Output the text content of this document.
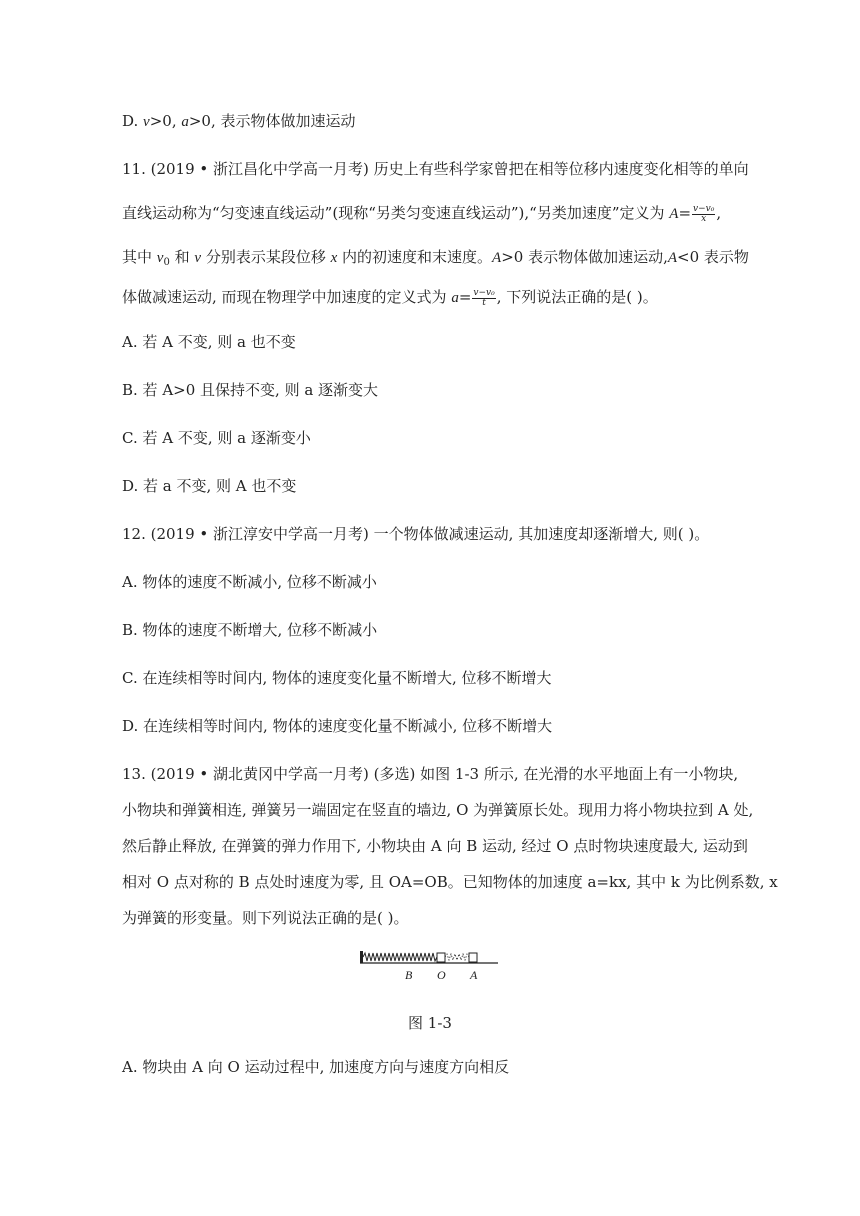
D. v>0, a>0, 表示物体做加速运动
11. (2019 • 浙江昌化中学高一月考) 历史上有些科学家曾把在相等位移内速度变化相等的单向
直线运动称为“匀变速直线运动”(现称“另类匀变速直线运动”),“另类加速度”定义为 $A= \frac{\text{v−v₀}}{x}$ ,
其中 $v_0$ 和 v 分别表示某段位移 x 内的初速度和末速度。A>0 表示物体做加速运动,A<0 表示物
体做减速运动, 而现在物理学中加速度的定义式为 $a= \frac{\text{v−v₀}}{t}$ , 下列说法正确的是( )。
A. 若 A 不变, 则 a 也不变
B. 若 A>0 且保持不变, 则 a 逐渐变大
C. 若 A 不变, 则 a 逐渐变小
D. 若 a 不变, 则 A 也不变
12. (2019 • 浙江淳安中学高一月考) 一个物体做减速运动, 其加速度却逐渐增大, 则( )。
A. 物体的速度不断减小, 位移不断减小
B. 物体的速度不断增大, 位移不断减小
C. 在连续相等时间内, 物体的速度变化量不断增大, 位移不断增大
D. 在连续相等时间内, 物体的速度变化量不断减小, 位移不断增大
13. (2019 • 湖北黄冈中学高一月考) (多选) 如图 1-3 所示, 在光滑的水平地面上有一小物块,
小物块和弹簧相连, 弹簧另一端固定在竖直的墙边, O 为弹簧原长处。现用力将小物块拉到 A 处,
然后静止释放, 在弹簧的弹力作用下, 小物块由 A 向 B 运动, 经过 O 点时物块速度最大, 运动到
相对 O 点对称的 B 点处时速度为零, 且 OA=OB。已知物体的加速度 a=kx, 其中 k 为比例系数, x
为弹簧的形变量。则下列说法正确的是( )。
B O A
图 1-3
A. 物块由 A 向 O 运动过程中, 加速度方向与速度方向相反
